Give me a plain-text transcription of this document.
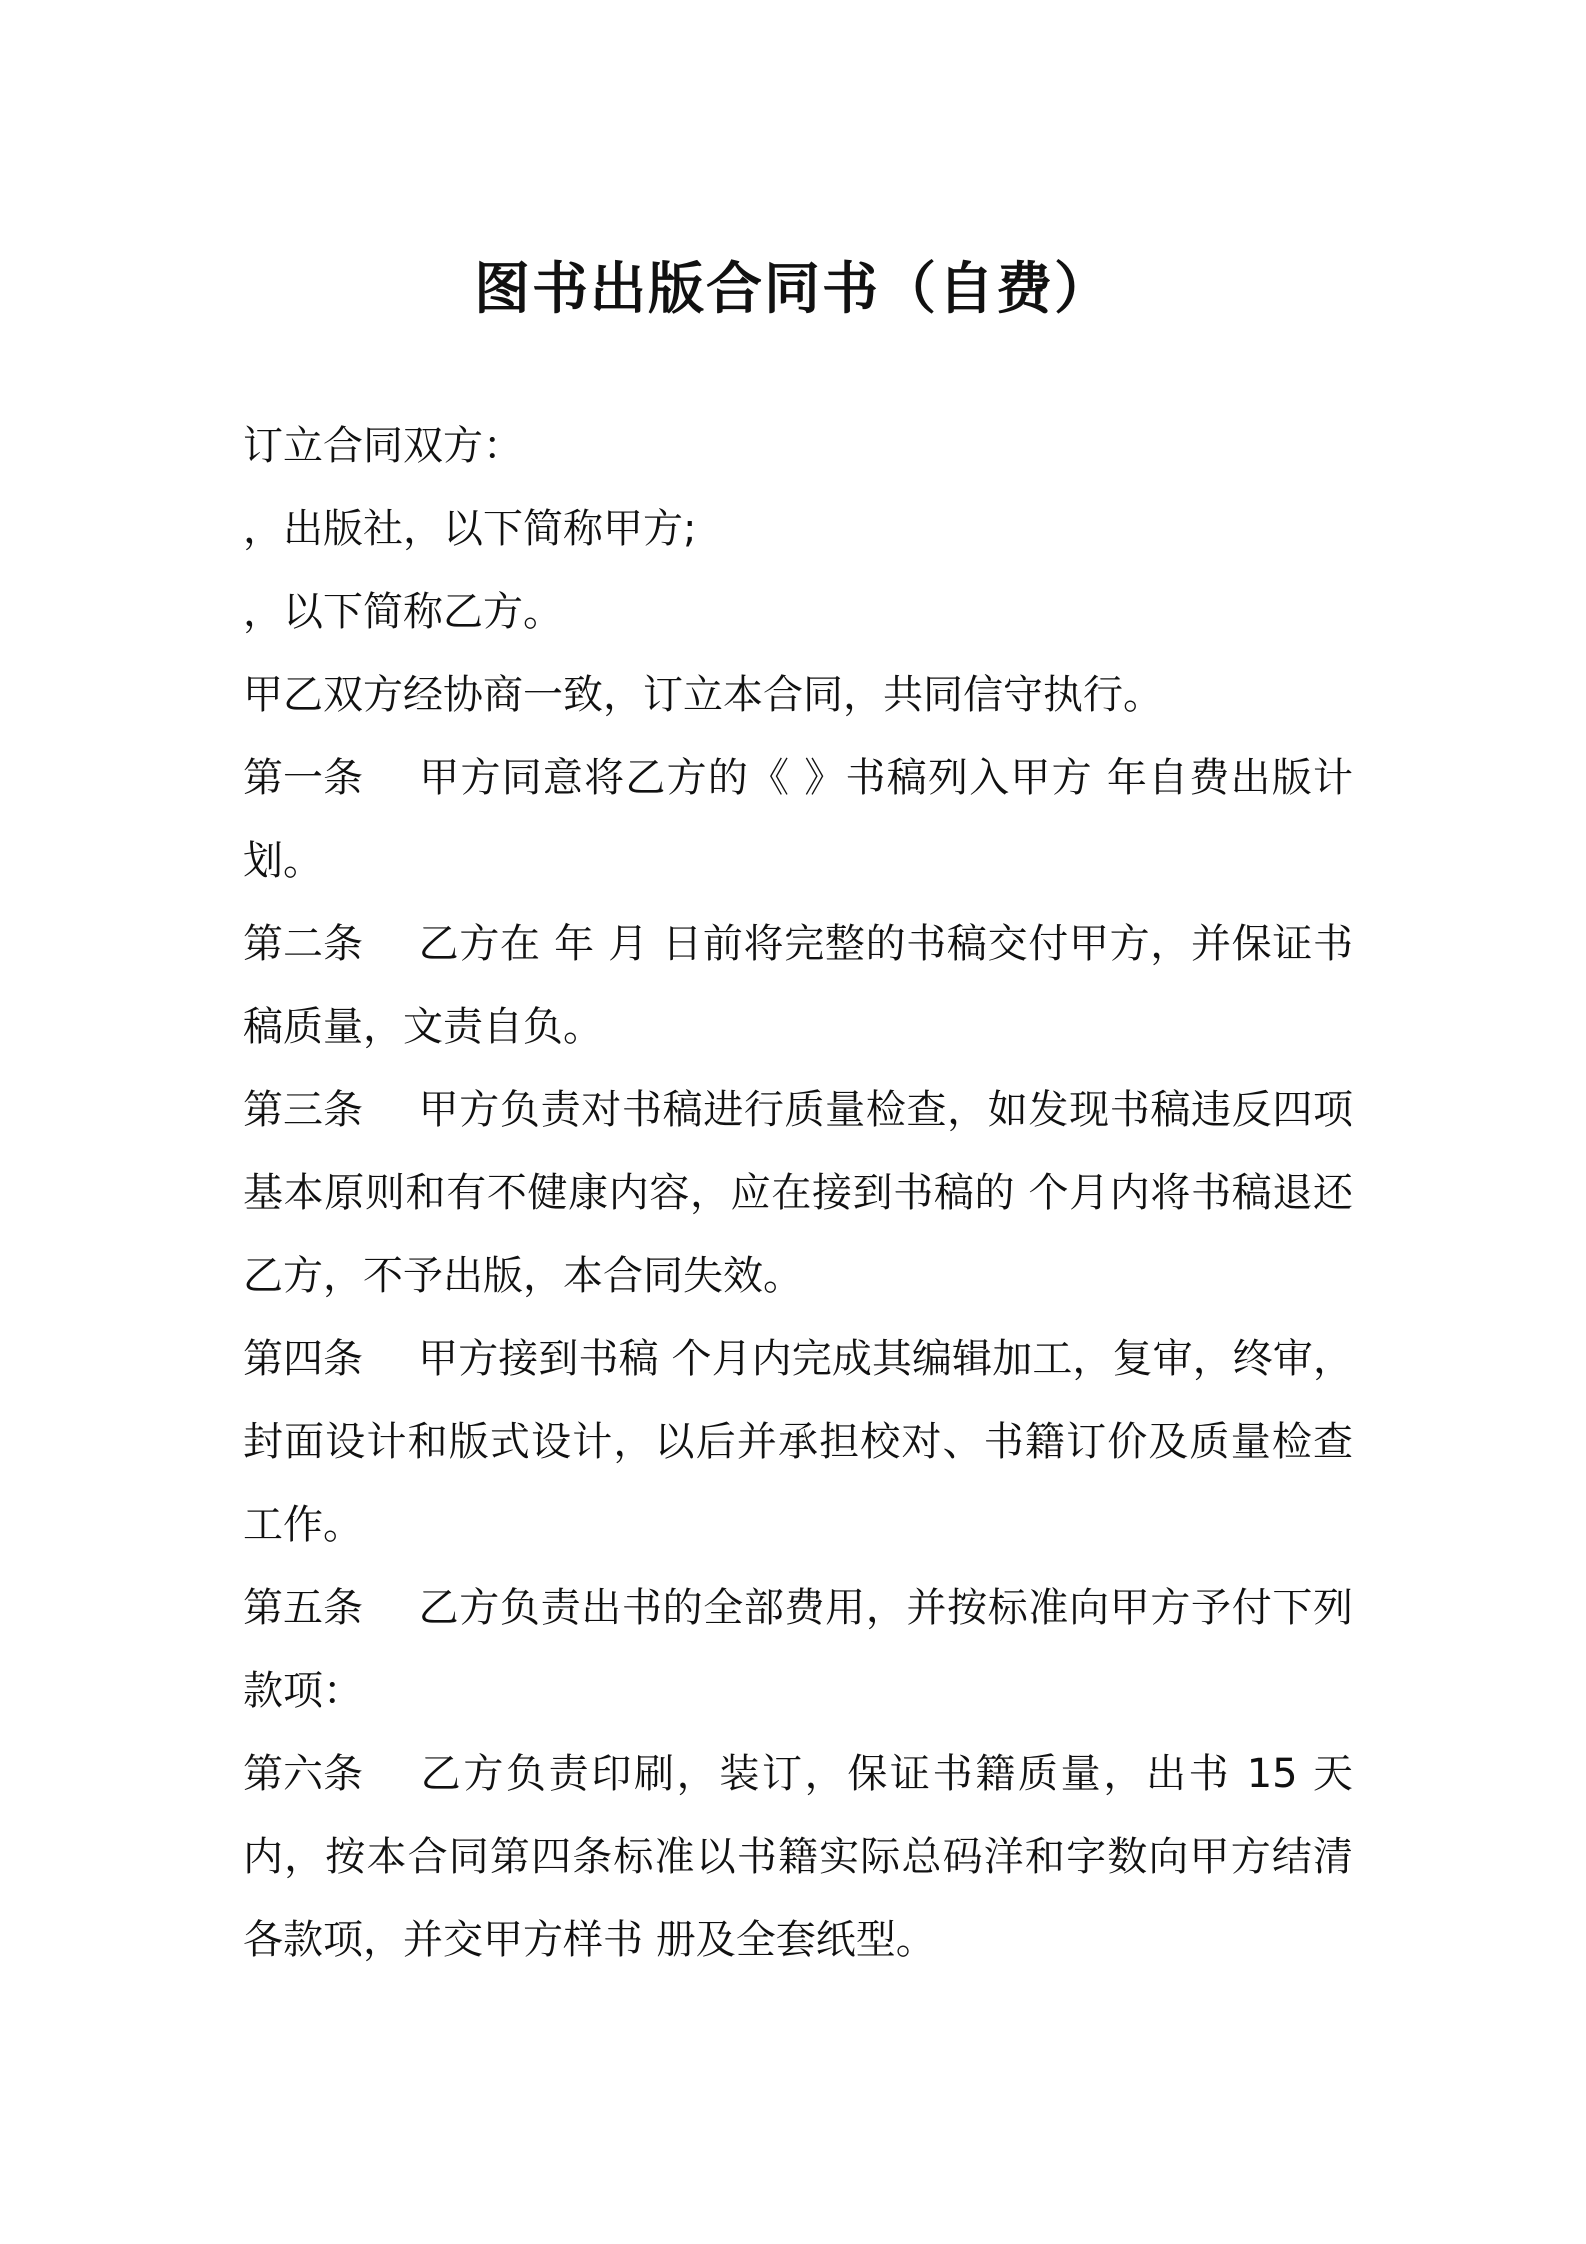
图书出版合同书（自费）

订立合同双方：

，出版社，以下简称甲方;

，以下简称乙方。

甲乙双方经协商一致，订立本合同，共同信守执行。

第一条 甲方同意将乙方的《 》书稿列入甲方 年自费出版计划。

第二条 乙方在 年 月 日前将完整的书稿交付甲方，并保证书稿质量，文责自负。

第三条 甲方负责对书稿进行质量检查，如发现书稿违反四项基本原则和有不健康内容，应在接到书稿的 个月内将书稿退还乙方，不予出版，本合同失效。

第四条 甲方接到书稿 个月内完成其编辑加工，复审，终审，封面设计和版式设计，以后并承担校对、书籍订价及质量检查工作。

第五条 乙方负责出书的全部费用，并按标准向甲方予付下列款项：

第六条 乙方负责印刷，装订，保证书籍质量，出书 15 天内，按本合同第四条标准以书籍实际总码洋和字数向甲方结清各款项，并交甲方样书 册及全套纸型。
